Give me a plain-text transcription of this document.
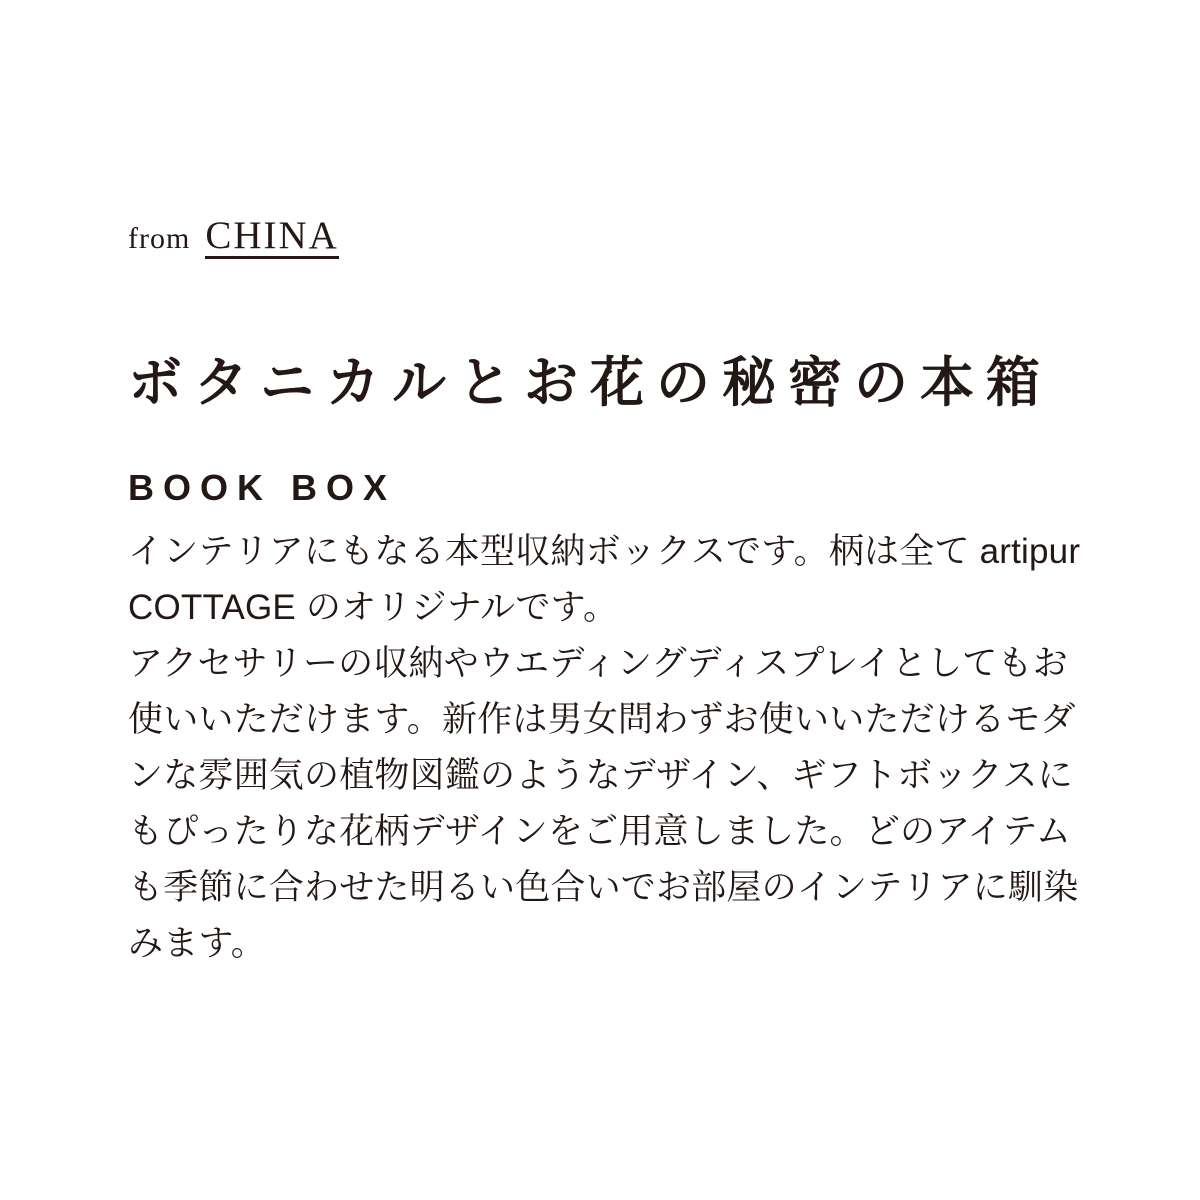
from CHINA
ボタニカルとお花の秘密の本箱
BOOK BOX
インテリアにもなる本型収納ボックスです。柄は全て artipur
COTTAGE のオリジナルです。
アクセサリーの収納やウエディングディスプレイとしてもお
使いいただけます。新作は男女問わずお使いいただけるモダ
ンな雰囲気の植物図鑑のようなデザイン、ギフトボックスに
もぴったりな花柄デザインをご用意しました。どのアイテム
も季節に合わせた明るい色合いでお部屋のインテリアに馴染
みます。
